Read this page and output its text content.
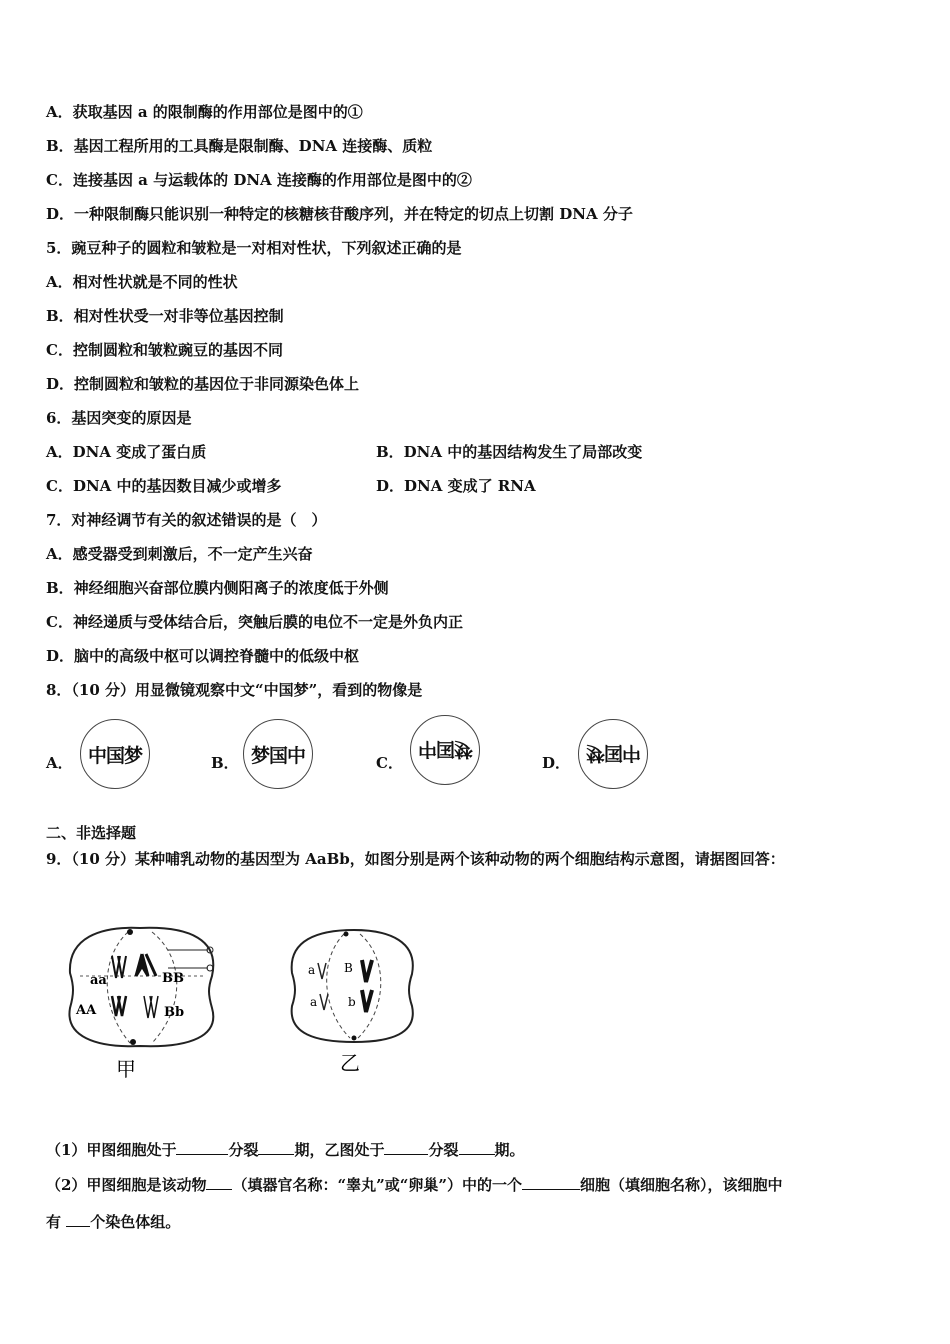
A．获取基因 a 的限制酶的作用部位是图中的①
B．基因工程所用的工具酶是限制酶、DNA 连接酶、质粒
C．连接基因 a 与运载体的 DNA 连接酶的作用部位是图中的②
D．一种限制酶只能识别一种特定的核糖核苷酸序列，并在特定的切点上切割 DNA 分子
5．豌豆种子的圆粒和皱粒是一对相对性状，下列叙述正确的是
A．相对性状就是不同的性状
B．相对性状受一对非等位基因控制
C．控制圆粒和皱粒豌豆的基因不同
D．控制圆粒和皱粒的基因位于非同源染色体上
6．基因突变的原因是
A．DNA 变成了蛋白质	B．DNA 中的基因结构发生了局部改变
C．DNA 中的基因数目减少或增多	D．DNA 变成了 RNA
7．对神经调节有关的叙述错误的是（　）
A．感受器受到刺激后，不一定产生兴奋
B．神经细胞兴奋部位膜内侧阳离子的浓度低于外侧
C．神经递质与受体结合后，突触后膜的电位不一定是外负内正
D．脑中的高级中枢可以调控脊髓中的低级中枢
8．（10 分）用显微镜观察中文“中国梦”，看到的物像是
A． 中国梦	B． 梦国中	C．
中国梦
D． 梦国中
二、非选择题
9．（10 分）某种哺乳动物的基因型为 AaBb，如图分别是两个该种动物的两个细胞结构示意图，请据图回答：
aa	BB
AA	Bb
甲
a B
a	b
乙
（1）甲图细胞处于	分裂 期，乙图处于	分裂 期。
（2）甲图细胞是该动物 （填器官名称：“睾丸”或“卵巢”）中的一个	细胞（填细胞名称），该细胞中
有 个染色体组。
